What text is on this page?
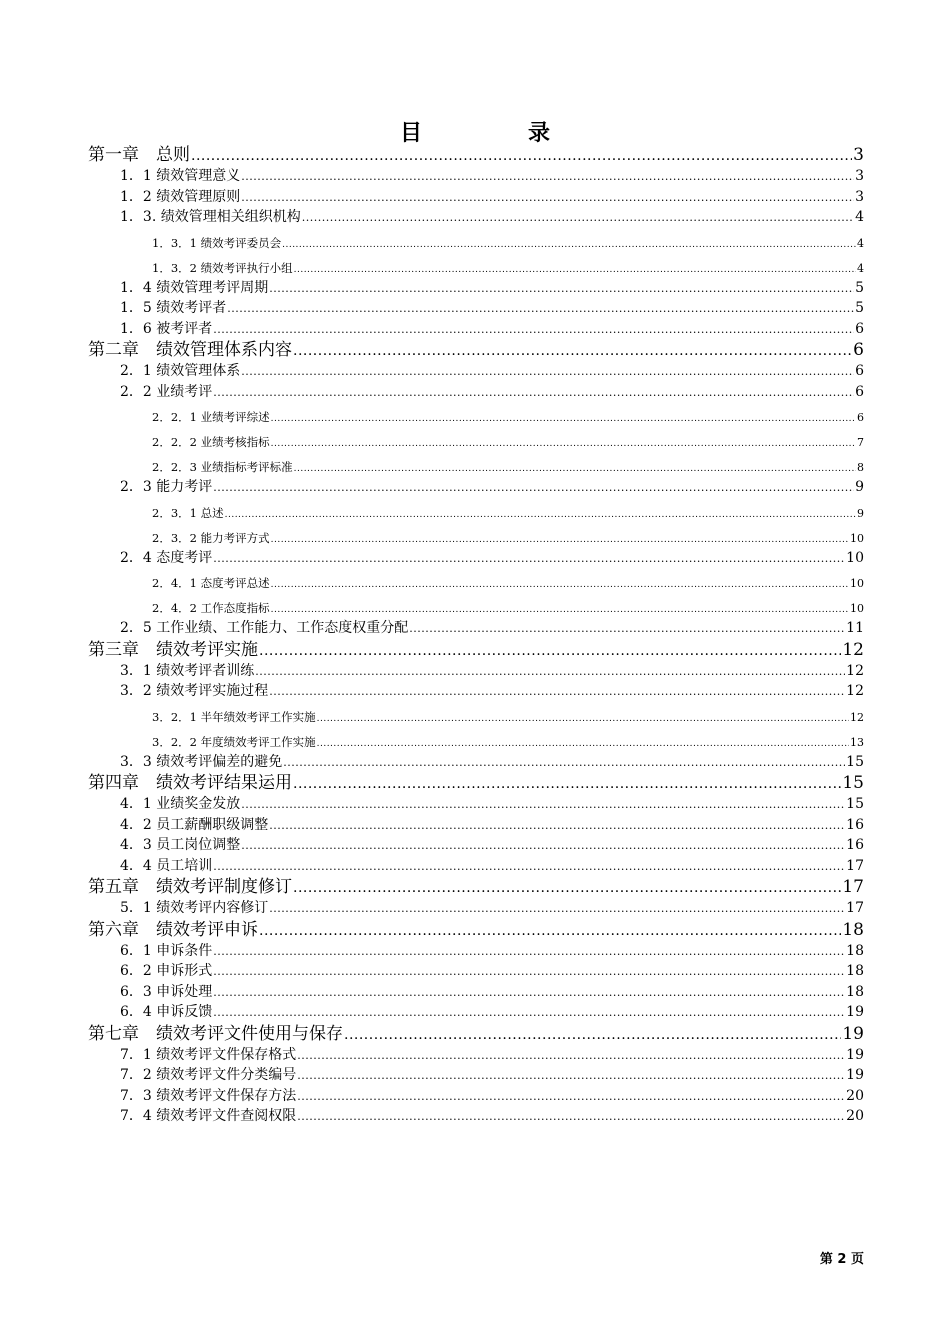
目　录
第一章　总则 .....	3
1．1 绩效管理意义 .....	3
1．2 绩效管理原则 .....	3
1．3. 绩效管理相关组织机构 .....	4
1．3．1 绩效考评委员会 .....	4
1．3．2 绩效考评执行小组 .....	4
1．4 绩效管理考评周期 .....	5
1．5 绩效考评者 .....	5
1．6 被考评者 .....	6
第二章　绩效管理体系内容 .....	6
2．1 绩效管理体系 .....	6
2．2 业绩考评 .....	6
2．2．1 业绩考评综述 .....	6
2．2．2 业绩考核指标 .....	7
2．2．3 业绩指标考评标准 .....	8
2．3 能力考评 .....	9
2．3．1 总述 .....	9
2．3．2 能力考评方式 .....	10
2．4 态度考评 .....	10
2．4．1 态度考评总述 .....	10
2．4．2 工作态度指标 .....	10
2．5 工作业绩、工作能力、工作态度权重分配 .....	11
第三章　绩效考评实施 .....	12
3．1 绩效考评者训练 .....	12
3．2 绩效考评实施过程 .....	12
3．2．1 半年绩效考评工作实施 .....	12
3．2．2 年度绩效考评工作实施 .....	13
3．3 绩效考评偏差的避免 .....	15
第四章　绩效考评结果运用 .....	15
4．1 业绩奖金发放 .....	15
4．2 员工薪酬职级调整 .....	16
4．3 员工岗位调整 .....	16
4．4 员工培训 .....	17
第五章　绩效考评制度修订 .....	17
5．1 绩效考评内容修订 .....	17
第六章　绩效考评申诉 .....	18
6．1 申诉条件 .....	18
6．2 申诉形式 .....	18
6．3 申诉处理 .....	18
6．4 申诉反馈 .....	19
第七章　绩效考评文件使用与保存 .....	19
7．1 绩效考评文件保存格式 .....	19
7．2 绩效考评文件分类编号 .....	19
7．3 绩效考评文件保存方法 .....	20
7．4 绩效考评文件查阅权限 .....	20
第 2 页
